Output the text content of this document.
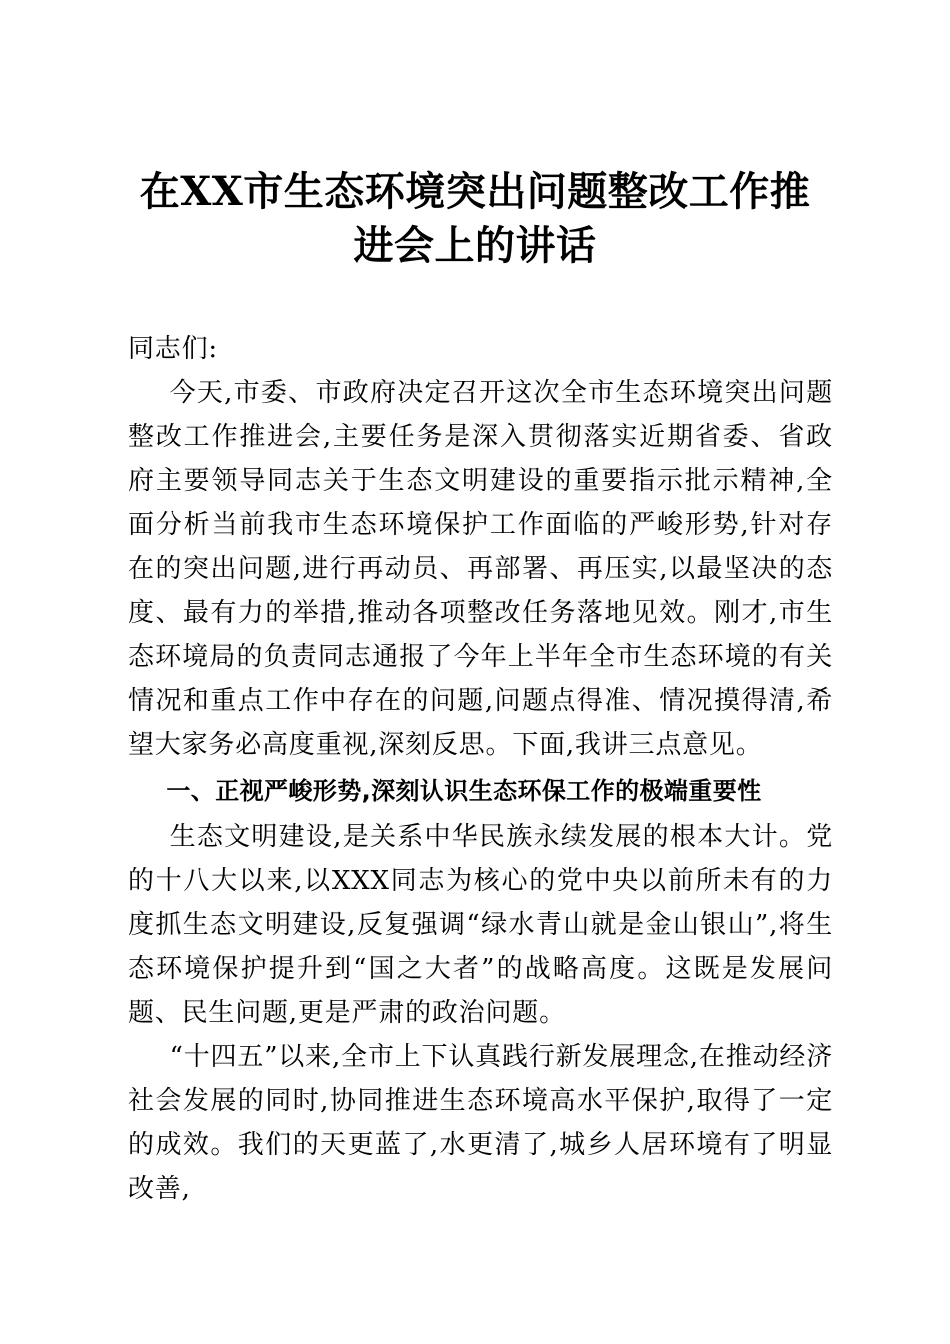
在XX市生态环境突出问题整改工作推
进会上的讲话

同志们:

今天,市委、市政府决定召开这次全市生态环境突出问题整改工作推进会,主要任务是深入贯彻落实近期省委、省政府主要领导同志关于生态文明建设的重要指示批示精神,全面分析当前我市生态环境保护工作面临的严峻形势,针对存在的突出问题,进行再动员、再部署、再压实,以最坚决的态度、最有力的举措,推动各项整改任务落地见效。刚才,市生态环境局的负责同志通报了今年上半年全市生态环境的有关情况和重点工作中存在的问题,问题点得准、情况摸得清,希望大家务必高度重视,深刻反思。下面,我讲三点意见。

一、正视严峻形势,深刻认识生态环保工作的极端重要性

生态文明建设,是关系中华民族永续发展的根本大计。党的十八大以来,以XXX同志为核心的党中央以前所未有的力度抓生态文明建设,反复强调“绿水青山就是金山银山”,将生态环境保护提升到“国之大者”的战略高度。这既是发展问题、民生问题,更是严肃的政治问题。

“十四五”以来,全市上下认真践行新发展理念,在推动经济社会发展的同时,协同推进生态环境高水平保护,取得了一定的成效。我们的天更蓝了,水更清了,城乡人居环境有了明显改善,
